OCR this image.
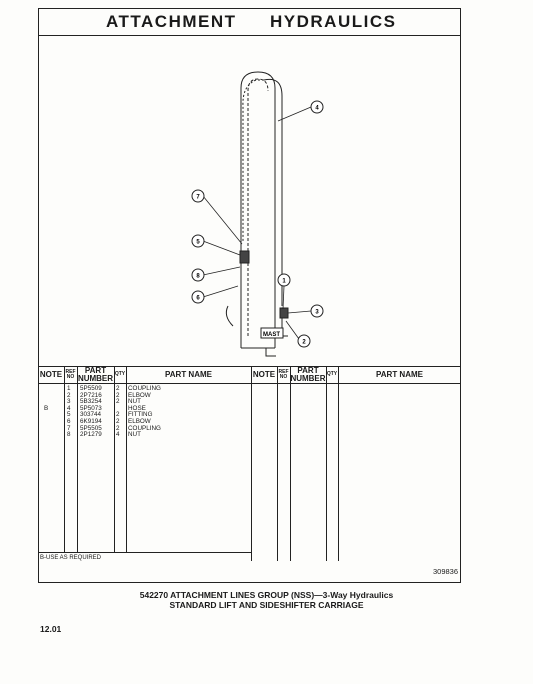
ATTACHMENT HYDRAULICS
MAST
4
7
5
8
6
1
3
2
NOTE REF NO
PART NUMBER QTY	PART NAME	NOTE REF NO
PART NUMBER QTY	PART NAME
1 5P5509 2 COUPLING
2 2P7216 2 ELBOW
3 5B3254 2 NUT
B	4 5P5073	HOSE
5 303744 2 FITTING
6 6K9194 2 ELBOW
7 5P5505 2 COUPLING
8 2P1279 4 NUT
B-USE AS REQUIRED
309836
542270 ATTACHMENT LINES GROUP (NSS)—3-Way Hydraulics
STANDARD LIFT AND SIDESHIFTER CARRIAGE
12.01
